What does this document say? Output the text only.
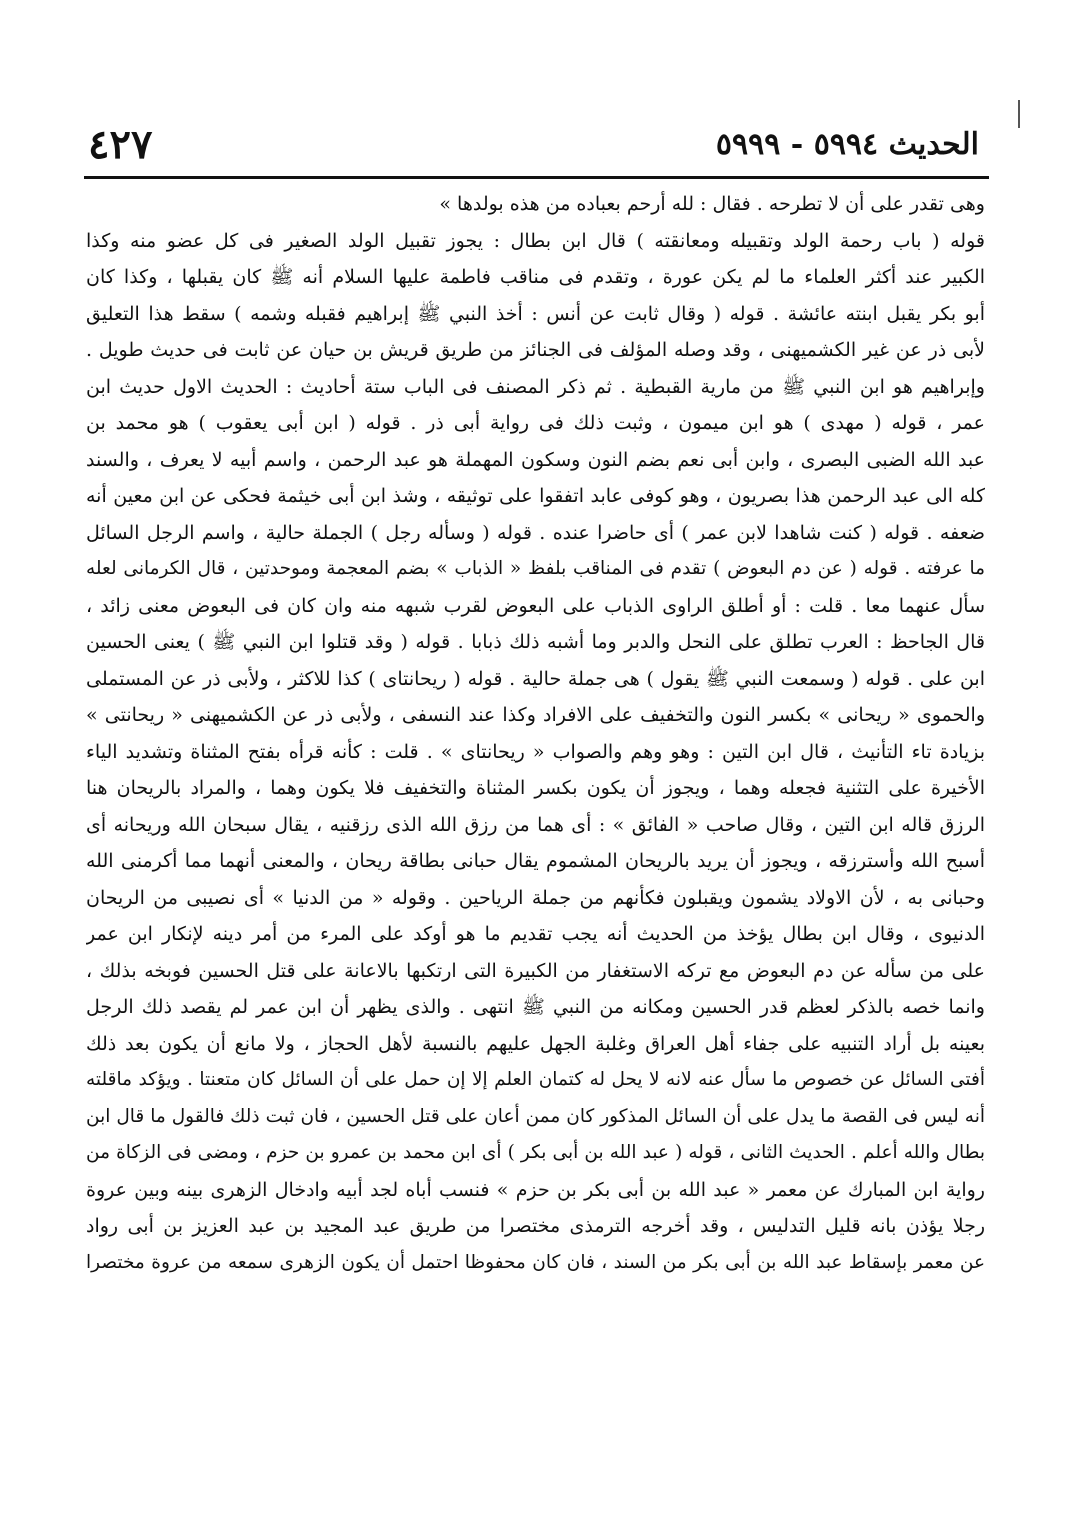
الحديث ٥٩٩٤ - ٥٩٩٩
٤٢٧
وهى تقدر على أن لا تطرحه . فقال : لله أرحم بعباده من هذه بولدها »
قوله ( باب رحمة الولد وتقبيله ومعانقته ) قال ابن بطال : يجوز تقبيل الولد الصغير فى كل عضو منه وكذا
الكبير عند أكثر العلماء ما لم يكن عورة ، وتقدم فى مناقب فاطمة عليها السلام أنه ﷺ كان يقبلها ، وكذا كان
أبو بكر يقبل ابنته عائشة . قوله ( وقال ثابت عن أنس : أخذ النبي ﷺ إبراهيم فقبله وشمه ) سقط هذا التعليق
لأبى ذر عن غير الكشميهنى ، وقد وصله المؤلف فى الجنائز من طريق قريش بن حيان عن ثابت فى حديث طويل .
وإبراهيم هو ابن النبي ﷺ من مارية القبطية . ثم ذكر المصنف فى الباب ستة أحاديث : الحديث الاول حديث ابن
عمر ، قوله ( مهدى ) هو ابن ميمون ، وثبت ذلك فى رواية أبى ذر . قوله ( ابن أبى يعقوب ) هو محمد بن
عبد الله الضبى البصرى ، وابن أبى نعم بضم النون وسكون المهملة هو عبد الرحمن ، واسم أبيه لا يعرف ، والسند
كله الى عبد الرحمن هذا بصريون ، وهو كوفى عابد اتفقوا على توثيقه ، وشذ ابن أبى خيثمة فحكى عن ابن معين أنه
ضعفه . قوله ( كنت شاهدا لابن عمر ) أى حاضرا عنده . قوله ( وسأله رجل ) الجملة حالية ، واسم الرجل السائل
ما عرفته . قوله ( عن دم البعوض ) تقدم فى المناقب بلفظ « الذباب » بضم المعجمة وموحدتين ، قال الكرمانى لعله
سأل عنهما معا . قلت : أو أطلق الراوى الذباب على البعوض لقرب شبهه منه وان كان فى البعوض معنى زائد ،
قال الجاحظ : العرب تطلق على النحل والدبر وما أشبه ذلك ذبابا . قوله ( وقد قتلوا ابن النبي ﷺ ) يعنى الحسين
ابن على . قوله ( وسمعت النبي ﷺ يقول ) هى جملة حالية . قوله ( ريحانتاى ) كذا للاكثر ، ولأبى ذر عن المستملى
والحموى « ريحانى » بكسر النون والتخفيف على الافراد وكذا عند النسفى ، ولأبى ذر عن الكشميهنى « ريحانتى »
بزيادة تاء التأنيث ، قال ابن التين : وهو وهم والصواب « ريحانتاى » . قلت : كأنه قرأه بفتح المثناة وتشديد الياء
الأخيرة على التثنية فجعله وهما ، ويجوز أن يكون بكسر المثناة والتخفيف فلا يكون وهما ، والمراد بالريحان هنا
الرزق قاله ابن التين ، وقال صاحب « الفائق » : أى هما من رزق الله الذى رزقنيه ، يقال سبحان الله وريحانه أى
أسبح الله وأسترزقه ، ويجوز أن يريد بالريحان المشموم يقال حبانى بطاقة ريحان ، والمعنى أنهما مما أكرمنى الله
وحبانى به ، لأن الاولاد يشمون ويقبلون فكأنهم من جملة الرياحين . وقوله « من الدنيا » أى نصيبى من الريحان
الدنيوى ، وقال ابن بطال يؤخذ من الحديث أنه يجب تقديم ما هو أوكد على المرء من أمر دينه لإنكار ابن عمر
على من سأله عن دم البعوض مع تركه الاستغفار من الكبيرة التى ارتكبها بالاعانة على قتل الحسين فوبخه بذلك ،
وانما خصه بالذكر لعظم قدر الحسين ومكانه من النبي ﷺ انتهى . والذى يظهر أن ابن عمر لم يقصد ذلك الرجل
بعينه بل أراد التنبيه على جفاء أهل العراق وغلبة الجهل عليهم بالنسبة لأهل الحجاز ، ولا مانع أن يكون بعد ذلك
أفتى السائل عن خصوص ما سأل عنه لانه لا يحل له كتمان العلم إلا إن حمل على أن السائل كان متعنتا . ويؤكد ماقلته
أنه ليس فى القصة ما يدل على أن السائل المذكور كان ممن أعان على قتل الحسين ، فان ثبت ذلك فالقول ما قال ابن
بطال والله أعلم . الحديث الثانى ، قوله ( عبد الله بن أبى بكر ) أى ابن محمد بن عمرو بن حزم ، ومضى فى الزكاة من
رواية ابن المبارك عن معمر « عبد الله بن أبى بكر بن حزم » فنسب أباه لجد أبيه وادخال الزهرى بينه وبين عروة
رجلا يؤذن بانه قليل التدليس ، وقد أخرجه الترمذى مختصرا من طريق عبد المجيد بن عبد العزيز بن أبى رواد
عن معمر بإسقاط عبد الله بن أبى بكر من السند ، فان كان محفوظا احتمل أن يكون الزهرى سمعه من عروة مختصرا
